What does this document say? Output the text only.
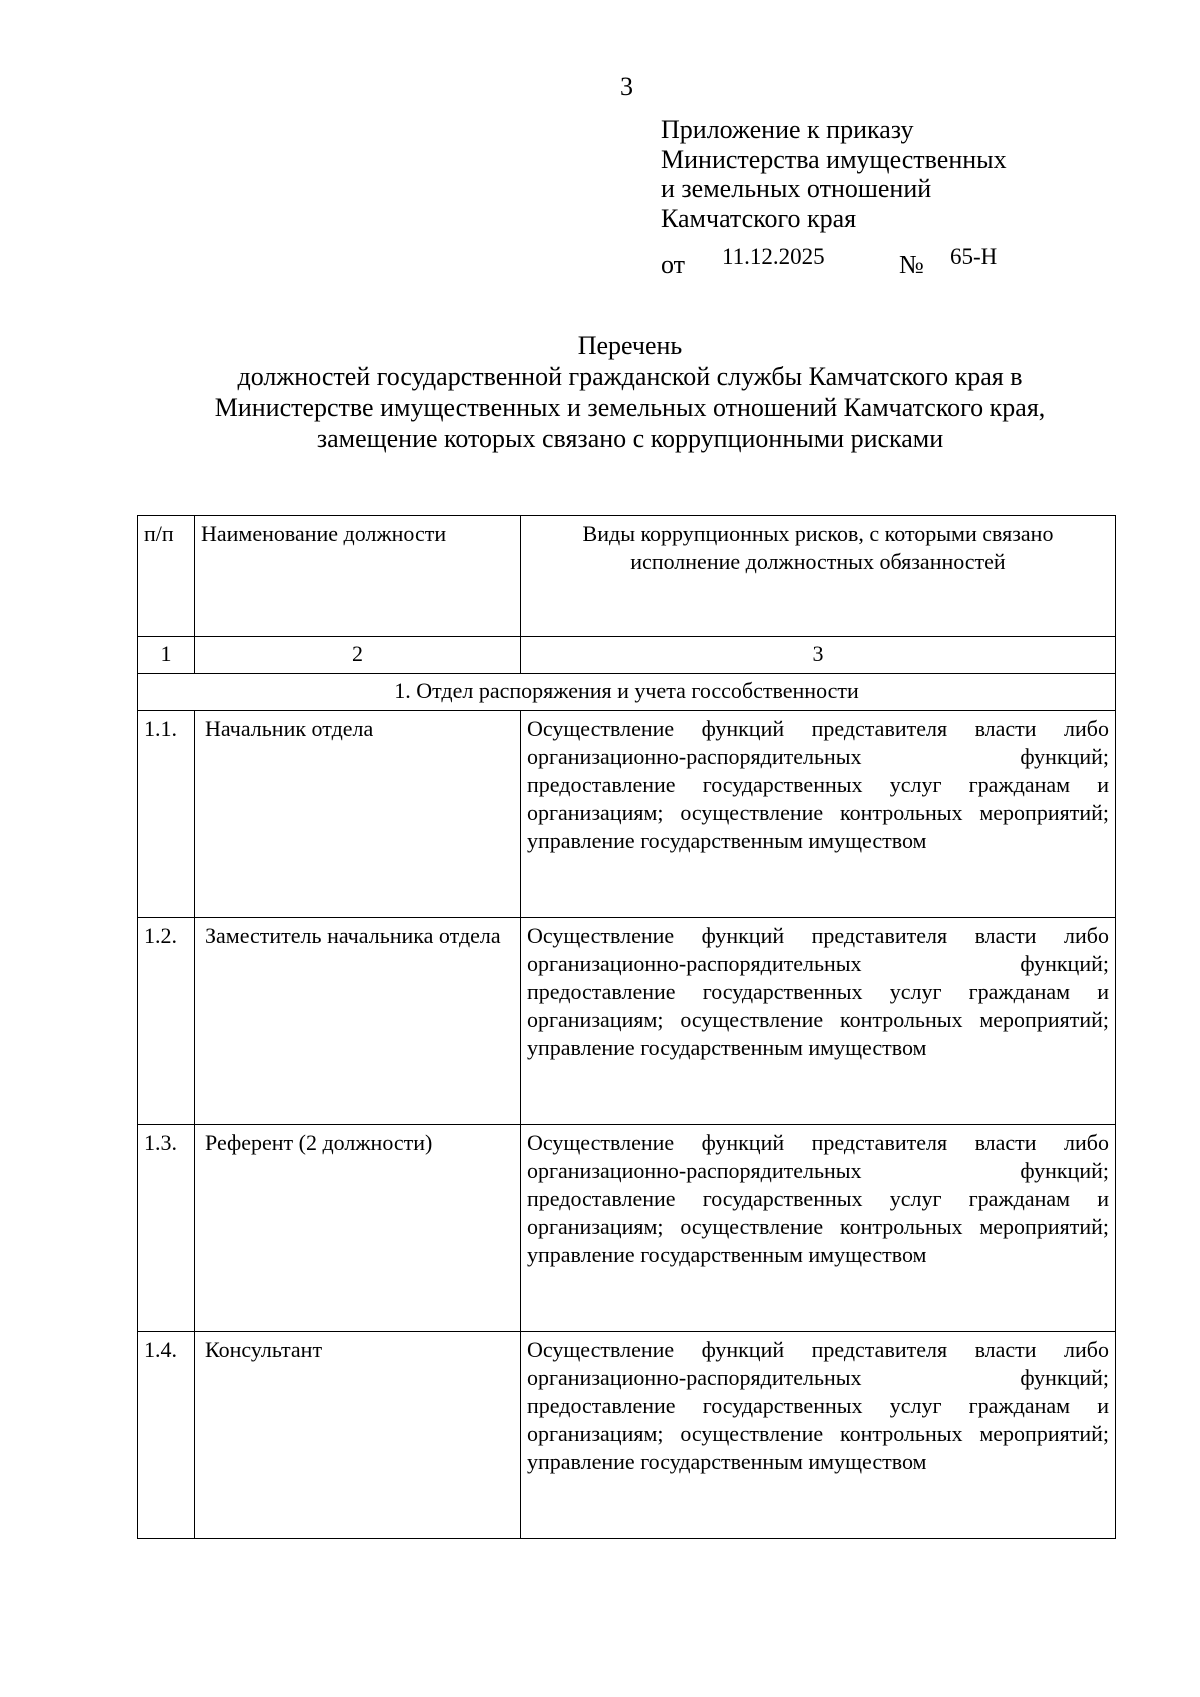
3
Приложение к приказу
Министерства имущественных
и земельных отношений
Камчатского края
от 11.12.2025	№ 65-Н
Перечень
должностей государственной гражданской службы Камчатского края в
Министерстве имущественных и земельных отношений Камчатского края,
замещение которых связано с коррупционными рисками
п/п	Наименование должности	Виды коррупционных рисков, с которыми связано исполнение должностных обязанностей
1	2	3
1. Отдел распоряжения и учета госсобственности		
1.1.	Начальник отдела	Осуществление функций представителя власти либо организационно-распорядительных функций; предоставление государственных услуг гражданам и организациям; осуществление контрольных мероприятий; управление государственным имуществом
1.2.	Заместитель начальника отдела	Осуществление функций представителя власти либо организационно-распорядительных функций; предоставление государственных услуг гражданам и организациям; осуществление контрольных мероприятий; управление государственным имуществом
1.3.	Референт (2 должности)	Осуществление функций представителя власти либо организационно-распорядительных функций; предоставление государственных услуг гражданам и организациям; осуществление контрольных мероприятий; управление государственным имуществом
1.4.	Консультант	Осуществление функций представителя власти либо организационно-распорядительных функций; предоставление государственных услуг гражданам и организациям; осуществление контрольных мероприятий; управление государственным имуществом
